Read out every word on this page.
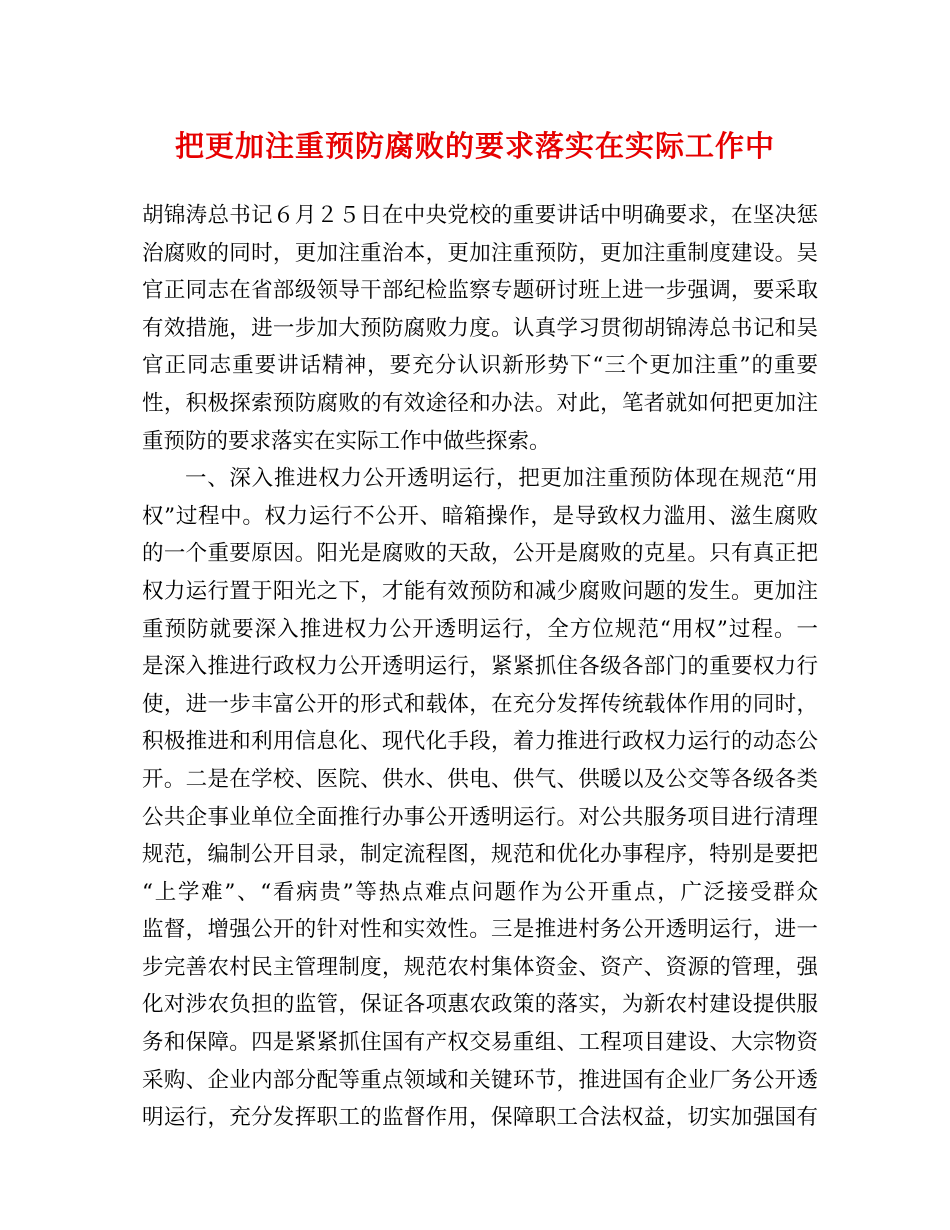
把更加注重预防腐败的要求落实在实际工作中
胡锦涛总书记６月２５日在中央党校的重要讲话中明确要求，在坚决惩
治腐败的同时，更加注重治本，更加注重预防，更加注重制度建设。吴
官正同志在省部级领导干部纪检监察专题研讨班上进一步强调，要采取
有效措施，进一步加大预防腐败力度。认真学习贯彻胡锦涛总书记和吴
官正同志重要讲话精神，要充分认识新形势下“三个更加注重”的重要
性，积极探索预防腐败的有效途径和办法。对此，笔者就如何把更加注
重预防的要求落实在实际工作中做些探索。
一、深入推进权力公开透明运行，把更加注重预防体现在规范“用
权”过程中。权力运行不公开、暗箱操作，是导致权力滥用、滋生腐败
的一个重要原因。阳光是腐败的天敌，公开是腐败的克星。只有真正把
权力运行置于阳光之下，才能有效预防和减少腐败问题的发生。更加注
重预防就要深入推进权力公开透明运行，全方位规范“用权”过程。一
是深入推进行政权力公开透明运行，紧紧抓住各级各部门的重要权力行
使，进一步丰富公开的形式和载体，在充分发挥传统载体作用的同时，
积极推进和利用信息化、现代化手段，着力推进行政权力运行的动态公
开。二是在学校、医院、供水、供电、供气、供暖以及公交等各级各类
公共企事业单位全面推行办事公开透明运行。对公共服务项目进行清理
规范，编制公开目录，制定流程图，规范和优化办事程序，特别是要把
“上学难”、“看病贵”等热点难点问题作为公开重点，广泛接受群众
监督，增强公开的针对性和实效性。三是推进村务公开透明运行，进一
步完善农村民主管理制度，规范农村集体资金、资产、资源的管理，强
化对涉农负担的监管，保证各项惠农政策的落实，为新农村建设提供服
务和保障。四是紧紧抓住国有产权交易重组、工程项目建设、大宗物资
采购、企业内部分配等重点领域和关键环节，推进国有企业厂务公开透
明运行，充分发挥职工的监督作用，保障职工合法权益，切实加强国有
